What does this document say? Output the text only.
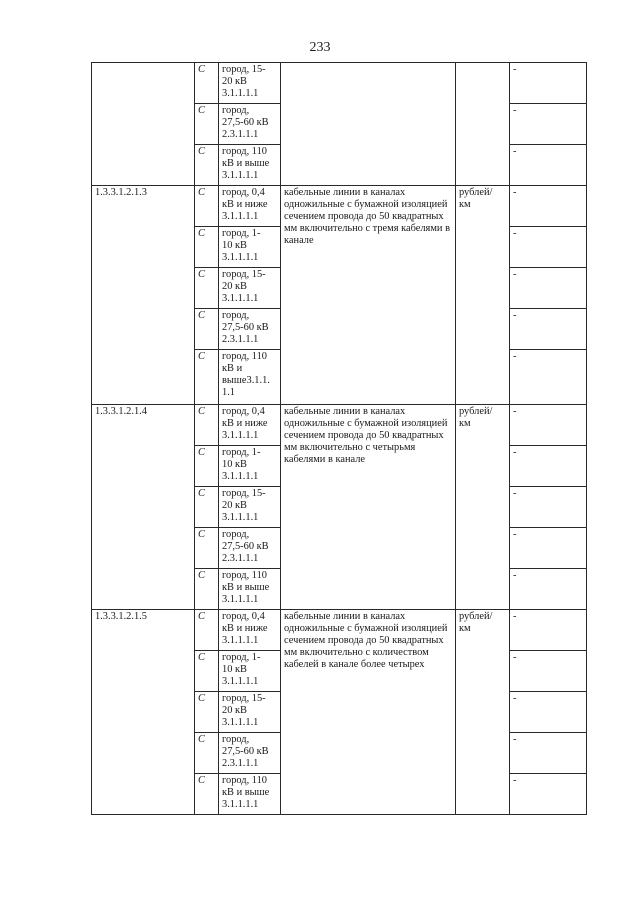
233
	С	город, 15-
20 кВ
3.1.1.1.1			-
	С	город,
27,5-60 кВ
2.3.1.1.1			-
	С	город, 110
кВ и выше
3.1.1.1.1			-
1.3.3.1.2.1.3	С	город, 0,4
кВ и ниже
3.1.1.1.1	кабельные линии в каналах одножильные с бумажной изоляцией сечением провода до 50 квадратных мм включительно с тремя кабелями в канале	рублей/
км	-
	С	город, 1-
10 кВ
3.1.1.1.1			-
	С	город, 15-
20 кВ
3.1.1.1.1			-
	С	город,
27,5-60 кВ
2.3.1.1.1			-
	С	город, 110
кВ и
выше3.1.1.
1.1			-
1.3.3.1.2.1.4	С	город, 0,4
кВ и ниже
3.1.1.1.1	кабельные линии в каналах одножильные с бумажной изоляцией сечением провода до 50 квадратных мм включительно с четырьмя кабелями в канале	рублей/
км	-
	С	город, 1-
10 кВ
3.1.1.1.1			-
	С	город, 15-
20 кВ
3.1.1.1.1			-
	С	город,
27,5-60 кВ
2.3.1.1.1			-
	С	город, 110
кВ и выше
3.1.1.1.1			-
1.3.3.1.2.1.5	С	город, 0,4
кВ и ниже
3.1.1.1.1	кабельные линии в каналах одножильные с бумажной изоляцией сечением провода до 50 квадратных мм включительно с количеством кабелей в канале более четырех	рублей/
км	-
	С	город, 1-
10 кВ
3.1.1.1.1			-
	С	город, 15-
20 кВ
3.1.1.1.1			-
	С	город,
27,5-60 кВ
2.3.1.1.1			-
	С	город, 110
кВ и выше
3.1.1.1.1			-
